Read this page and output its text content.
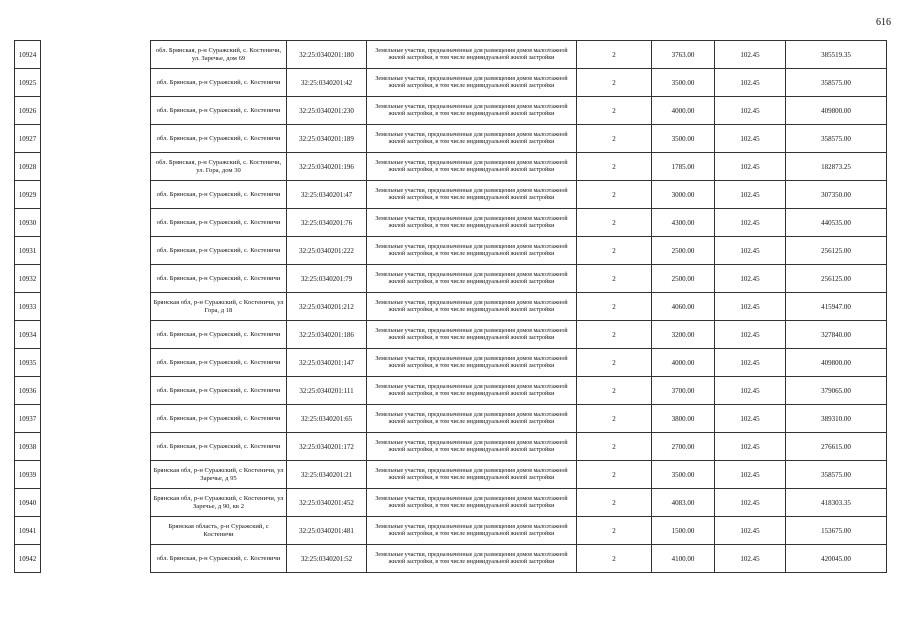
616
10924		обл. Брянская, р-н Суражский, с. Костеничи, ул. Заречье, дом 69	32:25:0340201:180	Земельные участки, предназначенные для размещения домов малоэтажной жилой застройки, в том числе индивидуальной жилой застройки	2	3763.00	102.45	385519.35
10925		обл. Брянская, р-н Суражский, с. Костеничи	32:25:0340201:42	Земельные участки, предназначенные для размещения домов малоэтажной жилой застройки, в том числе индивидуальной жилой застройки	2	3500.00	102.45	358575.00
10926		обл. Брянская, р-н Суражский, с. Костеничи	32:25:0340201:230	Земельные участки, предназначенные для размещения домов малоэтажной жилой застройки, в том числе индивидуальной жилой застройки	2	4000.00	102.45	409800.00
10927		обл. Брянская, р-н Суражский, с. Костеничи	32:25:0340201:189	Земельные участки, предназначенные для размещения домов малоэтажной жилой застройки, в том числе индивидуальной жилой застройки	2	3500.00	102.45	358575.00
10928		обл. Брянская, р-н Суражский, с. Костеничи, ул. Гора, дом 30	32:25:0340201:196	Земельные участки, предназначенные для размещения домов малоэтажной жилой застройки, в том числе индивидуальной жилой застройки	2	1785.00	102.45	182873.25
10929		обл. Брянская, р-н Суражский, с. Костеничи	32:25:0340201:47	Земельные участки, предназначенные для размещения домов малоэтажной жилой застройки, в том числе индивидуальной жилой застройки	2	3000.00	102.45	307350.00
10930		обл. Брянская, р-н Суражский, с. Костеничи	32:25:0340201:76	Земельные участки, предназначенные для размещения домов малоэтажной жилой застройки, в том числе индивидуальной жилой застройки	2	4300.00	102.45	440535.00
10931		обл. Брянская, р-н Суражский, с. Костеничи	32:25:0340201:222	Земельные участки, предназначенные для размещения домов малоэтажной жилой застройки, в том числе индивидуальной жилой застройки	2	2500.00	102.45	256125.00
10932		обл. Брянская, р-н Суражский, с. Костеничи	32:25:0340201:79	Земельные участки, предназначенные для размещения домов малоэтажной жилой застройки, в том числе индивидуальной жилой застройки	2	2500.00	102.45	256125.00
10933		Брянская обл, р-н Суражский, с Костеничи, ул Гора, д 18	32:25:0340201:212	Земельные участки, предназначенные для размещения домов малоэтажной жилой застройки, в том числе индивидуальной жилой застройки	2	4060.00	102.45	415947.00
10934		обл. Брянская, р-н Суражский, с. Костеничи	32:25:0340201:186	Земельные участки, предназначенные для размещения домов малоэтажной жилой застройки, в том числе индивидуальной жилой застройки	2	3200.00	102.45	327840.00
10935		обл. Брянская, р-н Суражский, с. Костеничи	32:25:0340201:147	Земельные участки, предназначенные для размещения домов малоэтажной жилой застройки, в том числе индивидуальной жилой застройки	2	4000.00	102.45	409800.00
10936		обл. Брянская, р-н Суражский, с. Костеничи	32:25:0340201:111	Земельные участки, предназначенные для размещения домов малоэтажной жилой застройки, в том числе индивидуальной жилой застройки	2	3700.00	102.45	379065.00
10937		обл. Брянская, р-н Суражский, с. Костеничи	32:25:0340201:65	Земельные участки, предназначенные для размещения домов малоэтажной жилой застройки, в том числе индивидуальной жилой застройки	2	3800.00	102.45	389310.00
10938		обл. Брянская, р-н Суражский, с. Костеничи	32:25:0340201:172	Земельные участки, предназначенные для размещения домов малоэтажной жилой застройки, в том числе индивидуальной жилой застройки	2	2700.00	102.45	276615.00
10939		Брянская обл, р-н Суражский, с Костеничи, ул Заречье, д 95	32:25:0340201:21	Земельные участки, предназначенные для размещения домов малоэтажной жилой застройки, в том числе индивидуальной жилой застройки	2	3500.00	102.45	358575.00
10940		Брянская обл, р-н Суражский, с Костеничи, ул Заречье, д 90, кв 2	32:25:0340201:452	Земельные участки, предназначенные для размещения домов малоэтажной жилой застройки, в том числе индивидуальной жилой застройки	2	4083.00	102.45	418303.35
10941		Брянская область, р-н Суражский, с Костеничи	32:25:0340201:481	Земельные участки, предназначенные для размещения домов малоэтажной жилой застройки, в том числе индивидуальной жилой застройки	2	1500.00	102.45	153675.00
10942		обл. Брянская, р-н Суражский, с. Костеничи	32:25:0340201:52	Земельные участки, предназначенные для размещения домов малоэтажной жилой застройки, в том числе индивидуальной жилой застройки	2	4100.00	102.45	420045.00
